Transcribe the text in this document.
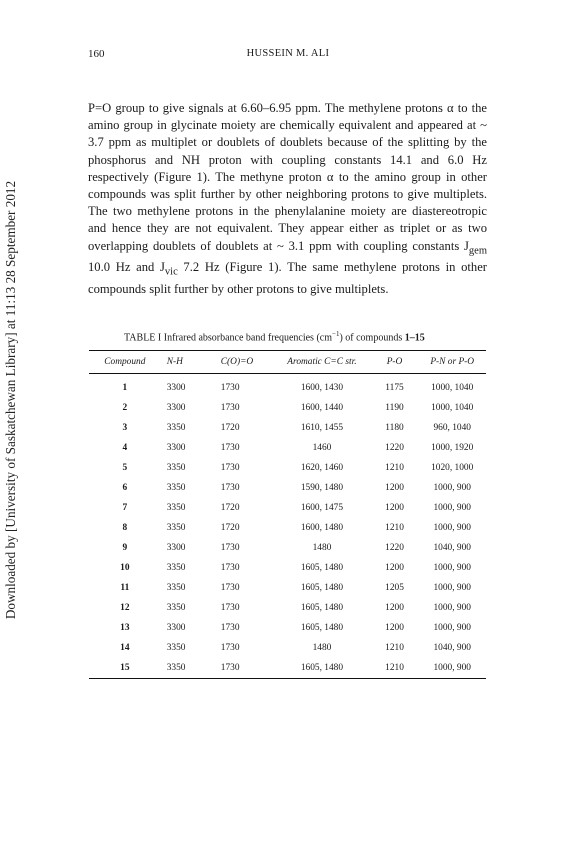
Downloaded by [University of Saskatchewan Library] at 11:13 28 September 2012
160	HUSSEIN M. ALI

P=O group to give signals at 6.60–6.95 ppm. The methylene protons α to the amino group in glycinate moiety are chemically equivalent and appeared at ~ 3.7 ppm as multiplet or doublets of doublets because of the splitting by the phosphorus and NH proton with coupling constants 14.1 and 6.0 Hz respectively (Figure 1). The methyne proton α to the amino group in other compounds was split further by other neighboring protons to give multiplets. The two methylene protons in the phenylalanine moiety are diastereotropic and hence they are not equivalent. They appear either as triplet or as two overlapping doublets of doublets at ~ 3.1 ppm with coupling constants $J_{gem}$ 10.0 Hz and $J_{vic}$ 7.2 Hz (Figure 1). The same methylene protons in other compounds split further by other protons to give multiplets.

TABLE I Infrared absorbance band frequencies $(cm^{-1})$ of compounds 1–15
Compound	N-H	C(O)=O	Aromatic C=C str.	P-O	P-N or P-O
1	3300	1730	1600, 1430	1175	1000, 1040
2	3300	1730	1600, 1440	1190	1000, 1040
3	3350	1720	1610, 1455	1180	960, 1040
4	3300	1730	1460	1220	1000, 1920
5	3350	1730	1620, 1460	1210	1020, 1000
6	3350	1730	1590, 1480	1200	1000, 900
7	3350	1720	1600, 1475	1200	1000, 900
8	3350	1720	1600, 1480	1210	1000, 900
9	3300	1730	1480	1220	1040, 900
10	3350	1730	1605, 1480	1200	1000, 900
11	3350	1730	1605, 1480	1205	1000, 900
12	3350	1730	1605, 1480	1200	1000, 900
13	3300	1730	1605, 1480	1200	1000, 900
14	3350	1730	1480	1210	1040, 900
15	3350	1730	1605, 1480	1210	1000, 900
